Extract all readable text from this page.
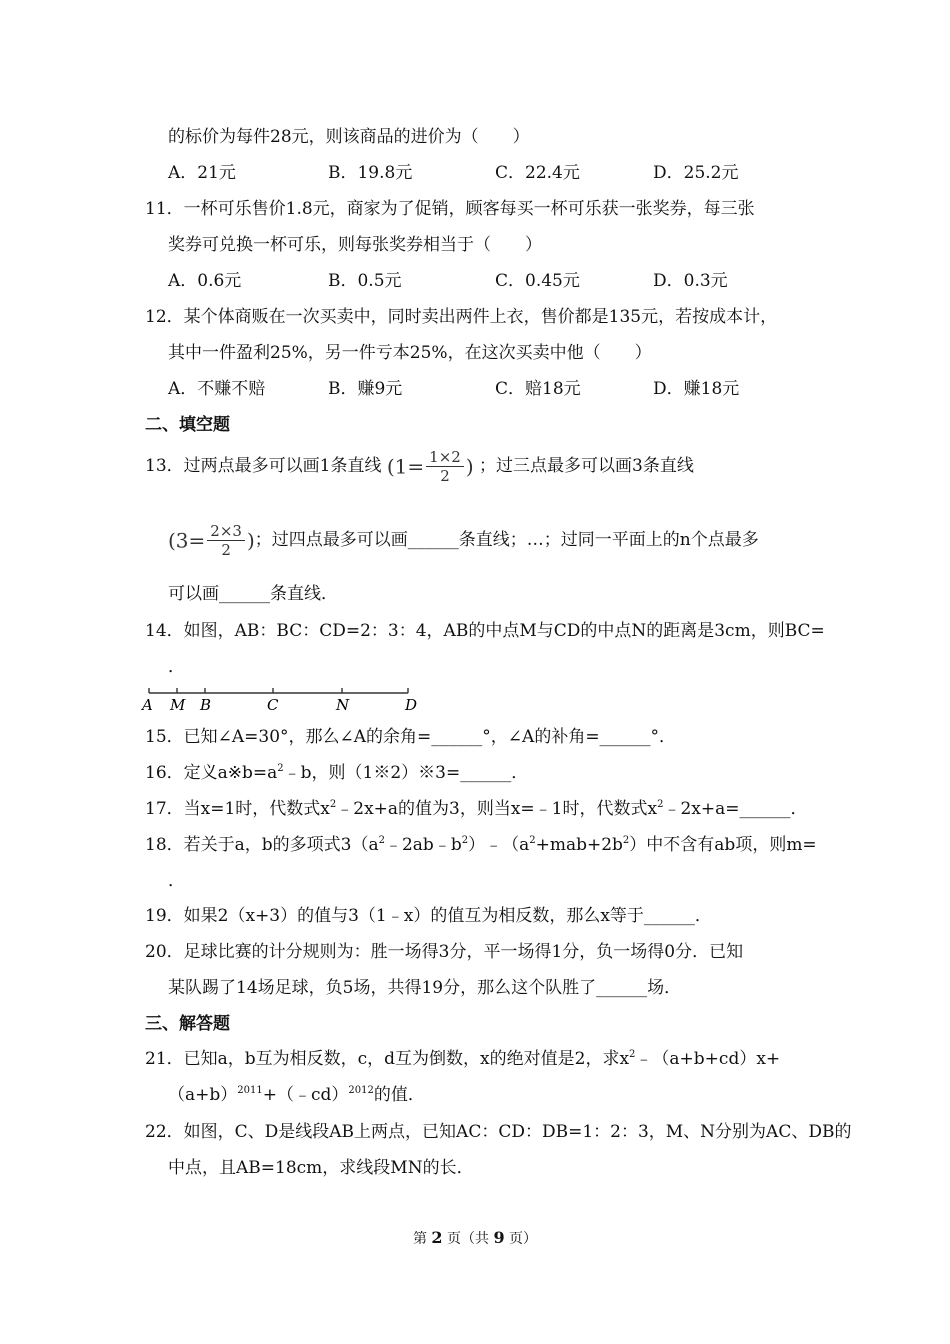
的标价为每件28元，则该商品的进价为（　　）
A．21元	B．19.8元	C．22.4元	D．25.2元
11．一杯可乐售价1.8元，商家为了促销，顾客每买一杯可乐获一张奖券，每三张
奖券可兑换一杯可乐，则每张奖券相当于（　　）
A．0.6元	B．0.5元	C．0.45元	D．0.3元
12．某个体商贩在一次买卖中，同时卖出两件上衣，售价都是135元，若按成本计，
其中一件盈利25%，另一件亏本25%，在这次买卖中他（　　）
A．不赚不赔	B．赚9元	C．赔18元	D．赚18元
二、填空题
13．过两点最多可以画1条直线 ($1= \frac{1\times 2}{2}$ ) ；过三点最多可以画3条直线
($3= \frac{2\times 3}{2}$ )；过四点最多可以画______条直线；…；过同一平面上的n个点最多
可以画______条直线．
14．如图，AB：BC：CD=2：3：4，AB的中点M与CD的中点N的距离是3cm，则BC=
．
A M B	C	N	D
15．已知∠A=30°，那么∠A的余角=______°，∠A的补角=______°．
16．定义$a※b=a^2﹣b$，则（1※2）※3=______．
17．当x=1时，代数式$x^2﹣2x+a$的值为3，则当x=﹣1时，代数式$x^2﹣2x+a=\_\_\_\_\_\_$．
18．若关于a，b的多项式$3(a^2﹣2ab﹣b^2)﹣(a^2+mab+2b^2)$中不含有ab项，则m=
．
19．如果2（x+3）的值与3（1﹣x）的值互为相反数，那么x等于______．
20．足球比赛的计分规则为：胜一场得3分，平一场得1分，负一场得0分．已知
某队踢了14场足球，负5场，共得19分，那么这个队胜了______场．
三、解答题
21．已知a，b互为相反数，c，d互为倒数，x的绝对值是2，求$x^2﹣(a+b+cd)x+$
$(a+b)^{2011}+(﹣cd)^{2012}$的值．
22．如图，C、D是线段AB上两点，已知AC：CD：DB=1：2：3，M、N分别为AC、DB的
中点，且AB=18cm，求线段MN的长．
第 2 页（共 9 页）
